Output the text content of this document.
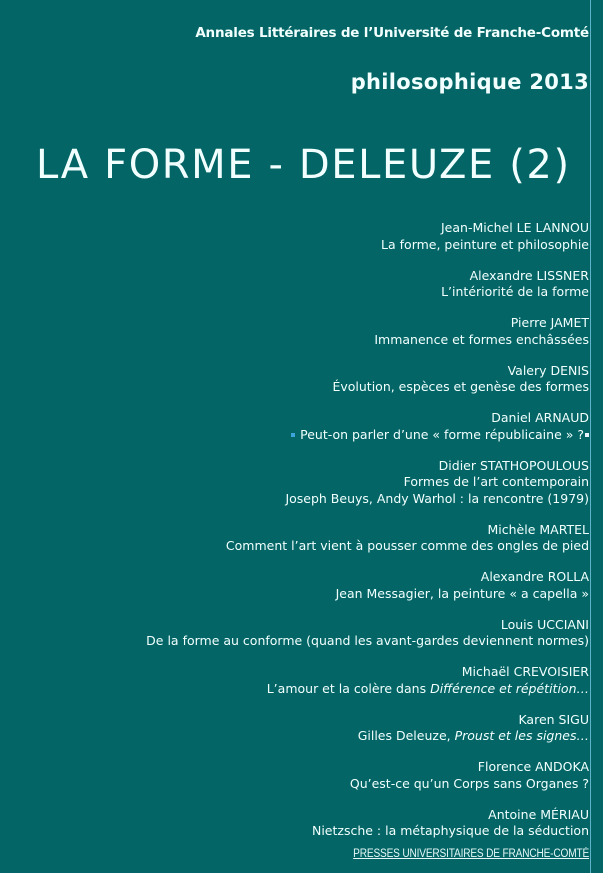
Annales Littéraires de l’Université de Franche-Comté
philosophique 2013
LA FORME - DELEUZE (2)
Jean-Michel LE LANNOU
La forme, peinture et philosophie
Alexandre LISSNER
L’intériorité de la forme
Pierre JAMET
Immanence et formes enchâssées
Valery DENIS
Évolution, espèces et genèse des formes
Daniel ARNAUD
Peut-on parler d’une « forme républicaine » ?
Didier STATHOPOULOUS
Formes de l’art contemporain
Joseph Beuys, Andy Warhol : la rencontre (1979)
Michèle MARTEL
Comment l’art vient à pousser comme des ongles de pied
Alexandre ROLLA
Jean Messagier, la peinture « a capella »
Louis UCCIANI
De la forme au conforme (quand les avant-gardes deviennent normes)
Michaël CREVOISIER
L’amour et la colère dans Différence et répétition…
Karen SIGU
Gilles Deleuze, Proust et les signes…
Florence ANDOKA
Qu’est-ce qu’un Corps sans Organes ?
Antoine MÉRIAU
Nietzsche : la métaphysique de la séduction
PRESSES UNIVERSITAIRES DE FRANCHE-COMTÉ
